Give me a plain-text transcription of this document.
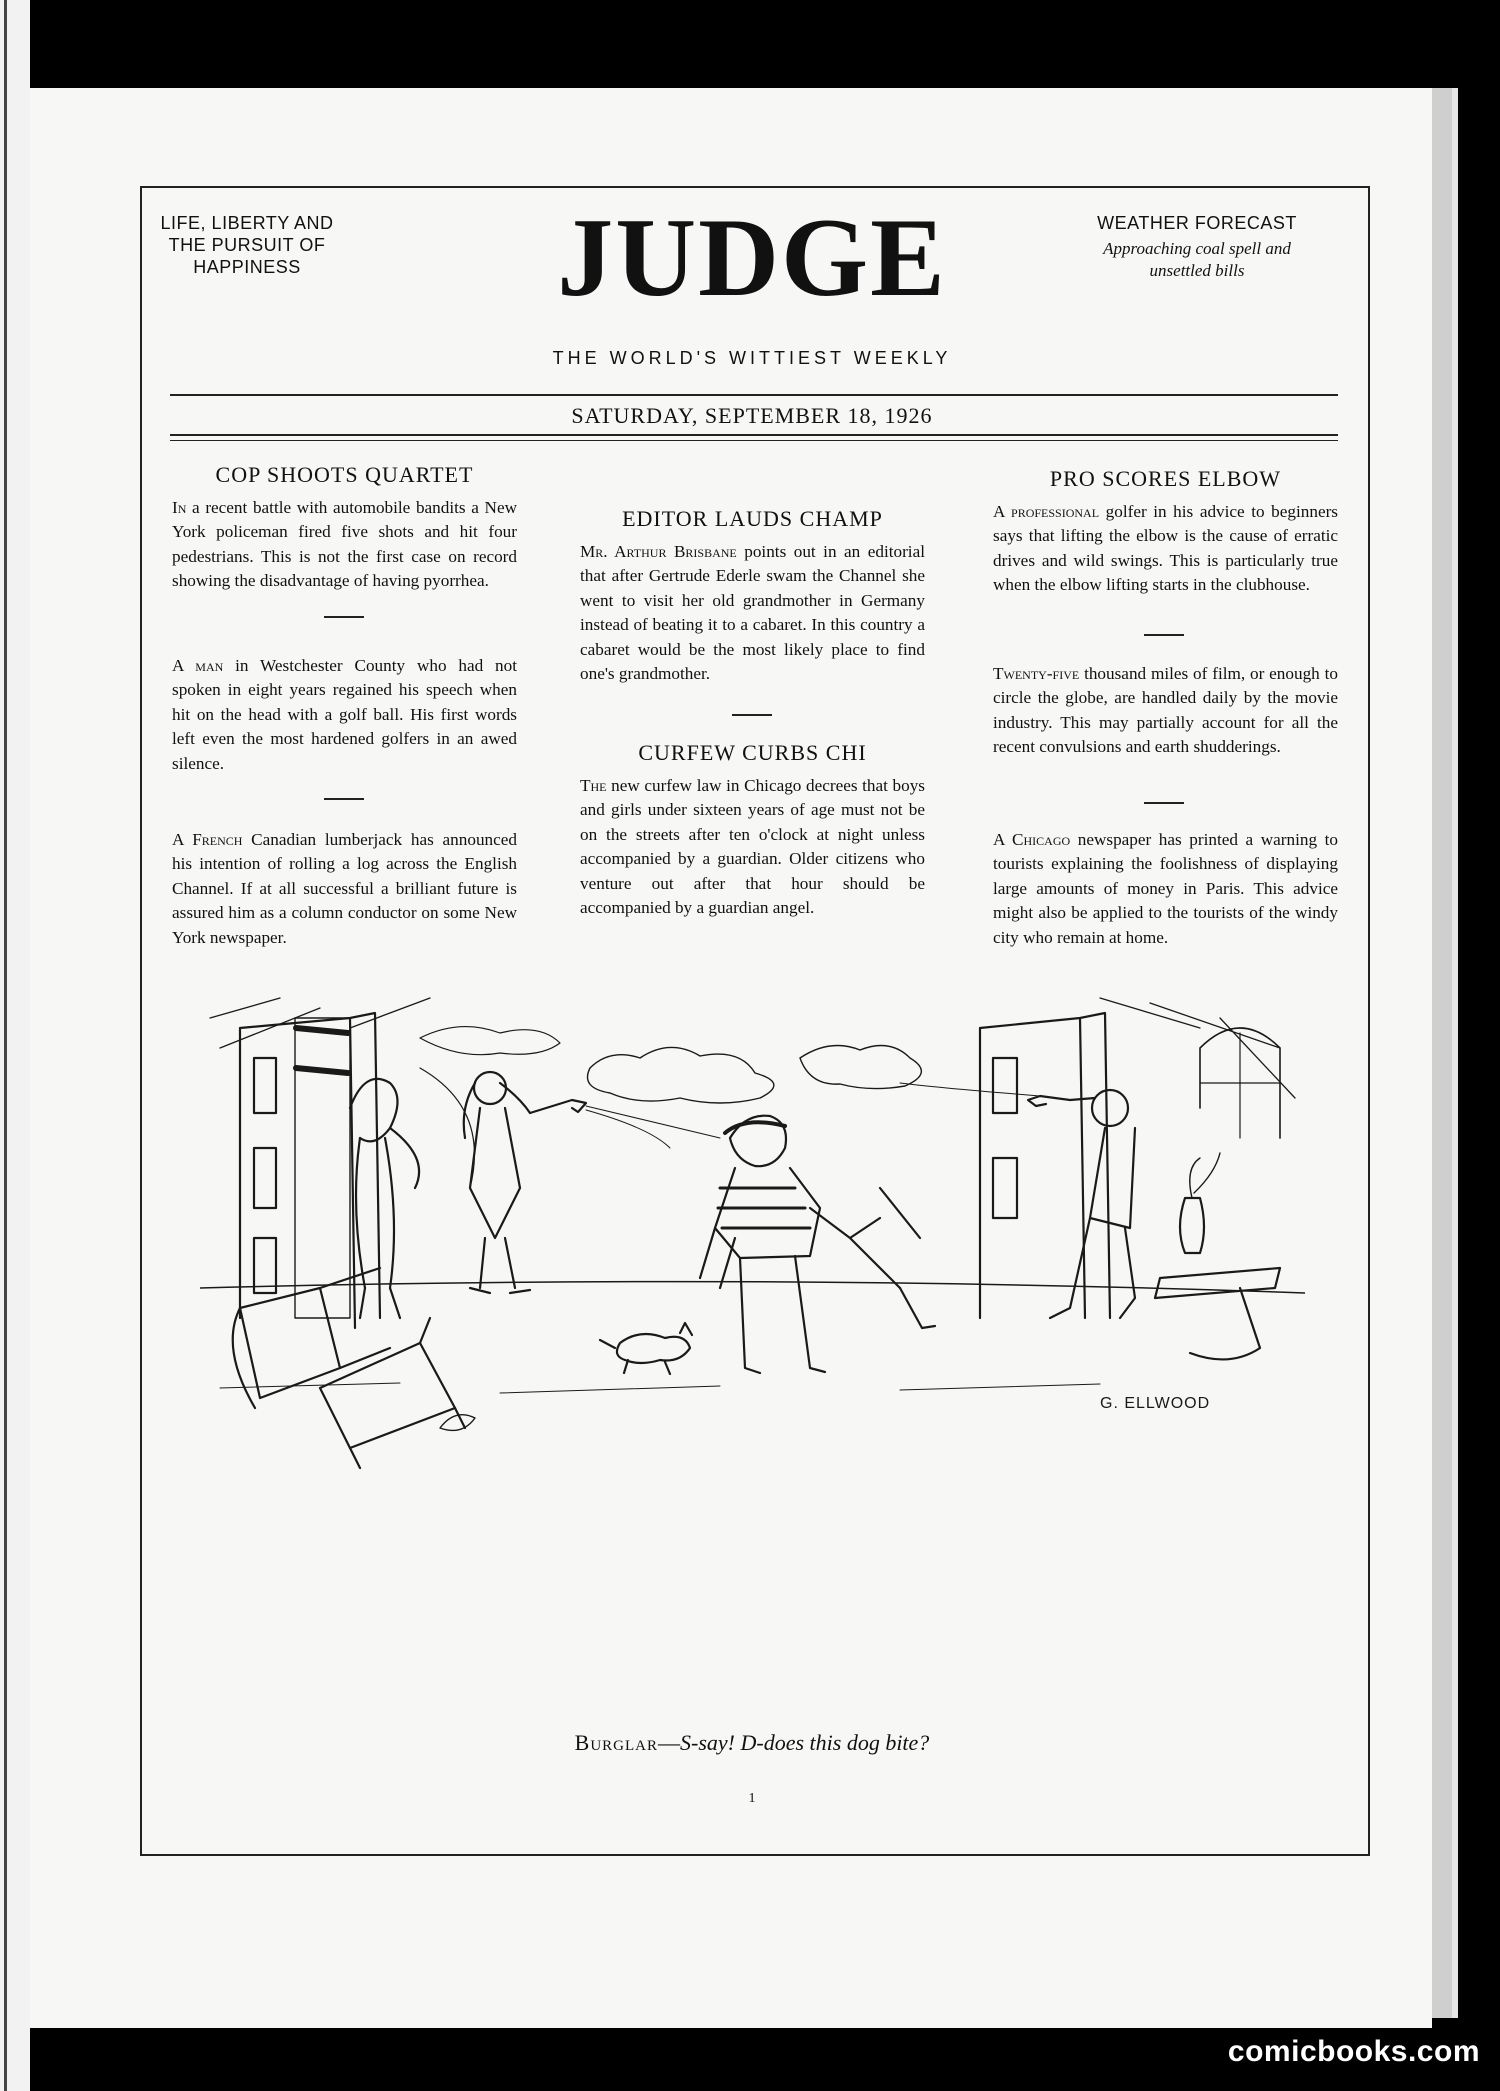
LIFE, LIBERTY AND
THE PURSUIT OF
HAPPINESS	JUDGE	WEATHER FORECAST
Approaching coal spell and unsettled bills
THE WORLD'S WITTIEST WEEKLY
SATURDAY, SEPTEMBER 18, 1926
COP SHOOTS QUARTET

In a recent battle with automobile bandits a New York policeman fired five shots and hit four pedestrians. This is not the first case on record showing the disadvantage of having pyorrhea.

A man in Westchester County who had not spoken in eight years regained his speech when hit on the head with a golf ball. His first words left even the most hardened golfers in an awed silence.

A French Canadian lumberjack has announced his intention of rolling a log across the English Channel. If at all successful a brilliant future is assured him as a column conductor on some New York newspaper.

EDITOR LAUDS CHAMP

Mr. Arthur Brisbane points out in an editorial that after Gertrude Ederle swam the Channel she went to visit her old grandmother in Germany instead of beating it to a cabaret. In this country a cabaret would be the most likely place to find one's grandmother.

CURFEW CURBS CHI

The new curfew law in Chicago decrees that boys and girls under sixteen years of age must not be on the streets after ten o'clock at night unless accompanied by a guardian. Older citizens who venture out after that hour should be accompanied by a guardian angel.

PRO SCORES ELBOW

A professional golfer in his advice to beginners says that lifting the elbow is the cause of erratic drives and wild swings. This is particularly true when the elbow lifting starts in the clubhouse.

Twenty-five thousand miles of film, or enough to circle the globe, are handled daily by the movie industry. This may partially account for all the recent convulsions and earth shudderings.

A Chicago newspaper has printed a warning to tourists explaining the foolishness of displaying large amounts of money in Paris. This advice might also be applied to the tourists of the windy city who remain at home.

G. ELLWOOD
Burglar—S-say! D-does this dog bite?
1
comicbooks.com
